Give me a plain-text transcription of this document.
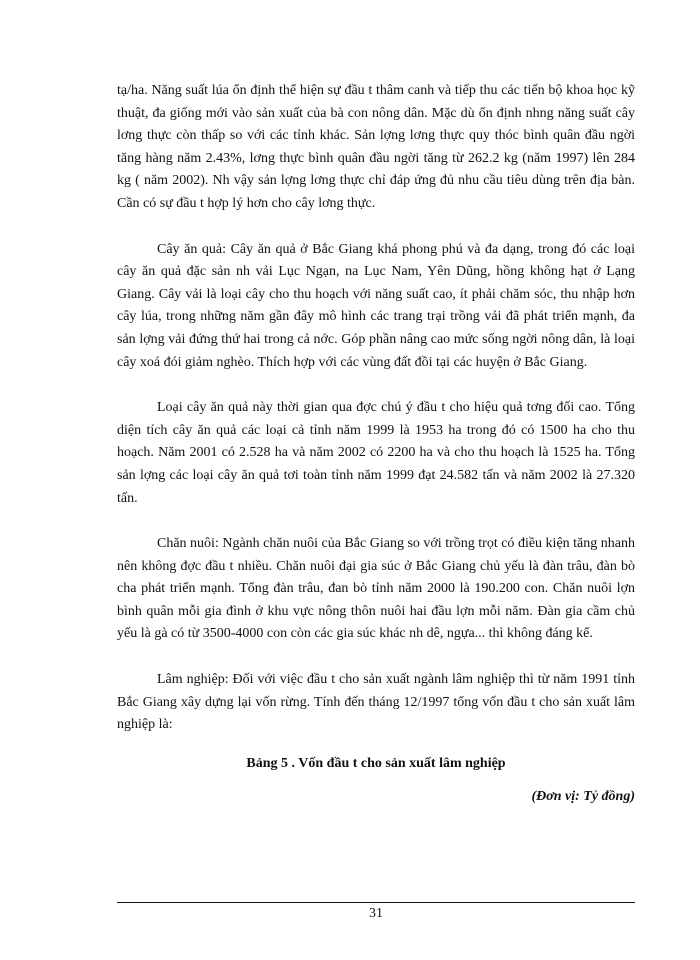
tạ/ha. Năng suất lúa ổn định thể hiện sự đầu t thâm canh và tiếp thu các tiến bộ khoa học kỹ thuật, đa giống mới vào sản xuất của bà con nông dân. Mặc dù ổn định nhng năng suất cây lơng thực còn thấp so với các tỉnh khác. Sản lợng lơng thực quy thóc bình quân đầu ngời tăng hàng năm 2.43%, lơng thực bình quân đầu ngời tăng từ 262.2 kg (năm 1997) lên 284 kg ( năm 2002). Nh vậy sản lợng lơng thực chỉ đáp ứng đủ nhu cầu tiêu dùng trên địa bàn. Cần có sự đầu t hợp lý hơn cho cây lơng thực.

Cây ăn quả: Cây ăn quả ở Bắc Giang khá phong phú và đa dạng, trong đó các loại cây ăn quả đặc sản nh vải Lục Ngạn, na Lục Nam, Yên Dũng, hồng không hạt ở Lạng Giang. Cây vải là loại cây cho thu hoạch với năng suất cao, ít phải chăm sóc, thu nhập hơn cây lúa, trong những năm gần đây mô hình các trang trại trồng vải đã phát triển mạnh, đa sản lợng vải đứng thứ hai trong cả nớc. Góp phần nâng cao mức sống ngời nông dân, là loại cây xoá đói giảm nghèo. Thích hợp với các vùng đất đồi tại các huyện ở Bắc Giang.

Loại cây ăn quả này thời gian qua đợc chú ý đầu t cho hiệu quả tơng đối cao. Tổng diện tích cây ăn quả các loại cả tỉnh năm 1999 là 1953 ha trong đó có 1500 ha cho thu hoạch. Năm 2001 có 2.528 ha và năm 2002 có 2200 ha và cho thu hoạch là 1525 ha. Tổng sản lợng các loại cây ăn quả tơi toàn tỉnh năm 1999 đạt 24.582 tấn và năm 2002 là 27.320 tấn.

Chăn nuôi: Ngành chăn nuôi của Bắc Giang so với trồng trọt có điều kiện tăng nhanh nên không đợc đầu t nhiều. Chăn nuôi đại gia súc ở Bắc Giang chủ yếu là đàn trâu, đàn bò cha phát triển mạnh. Tổng đàn trâu, đan bò tỉnh năm 2000 là 190.200 con. Chăn nuôi lợn bình quân mỗi gia đình ở khu vực nông thôn nuôi hai đầu lợn mỗi năm. Đàn gia cầm chủ yếu là gà có từ 3500-4000 con còn các gia súc khác nh dê, ngựa... thì không đáng kể.

Lâm nghiệp: Đối với việc đầu t cho sản xuất ngành lâm nghiệp thì từ năm 1991 tỉnh Bắc Giang xây dựng lại vốn rừng. Tính đến tháng 12/1997 tổng vốn đầu t cho sản xuất lâm nghiệp là:

Bảng 5 . Vốn đầu t cho sản xuất lâm nghiệp

(Đơn vị: Tỷ đồng)

31
